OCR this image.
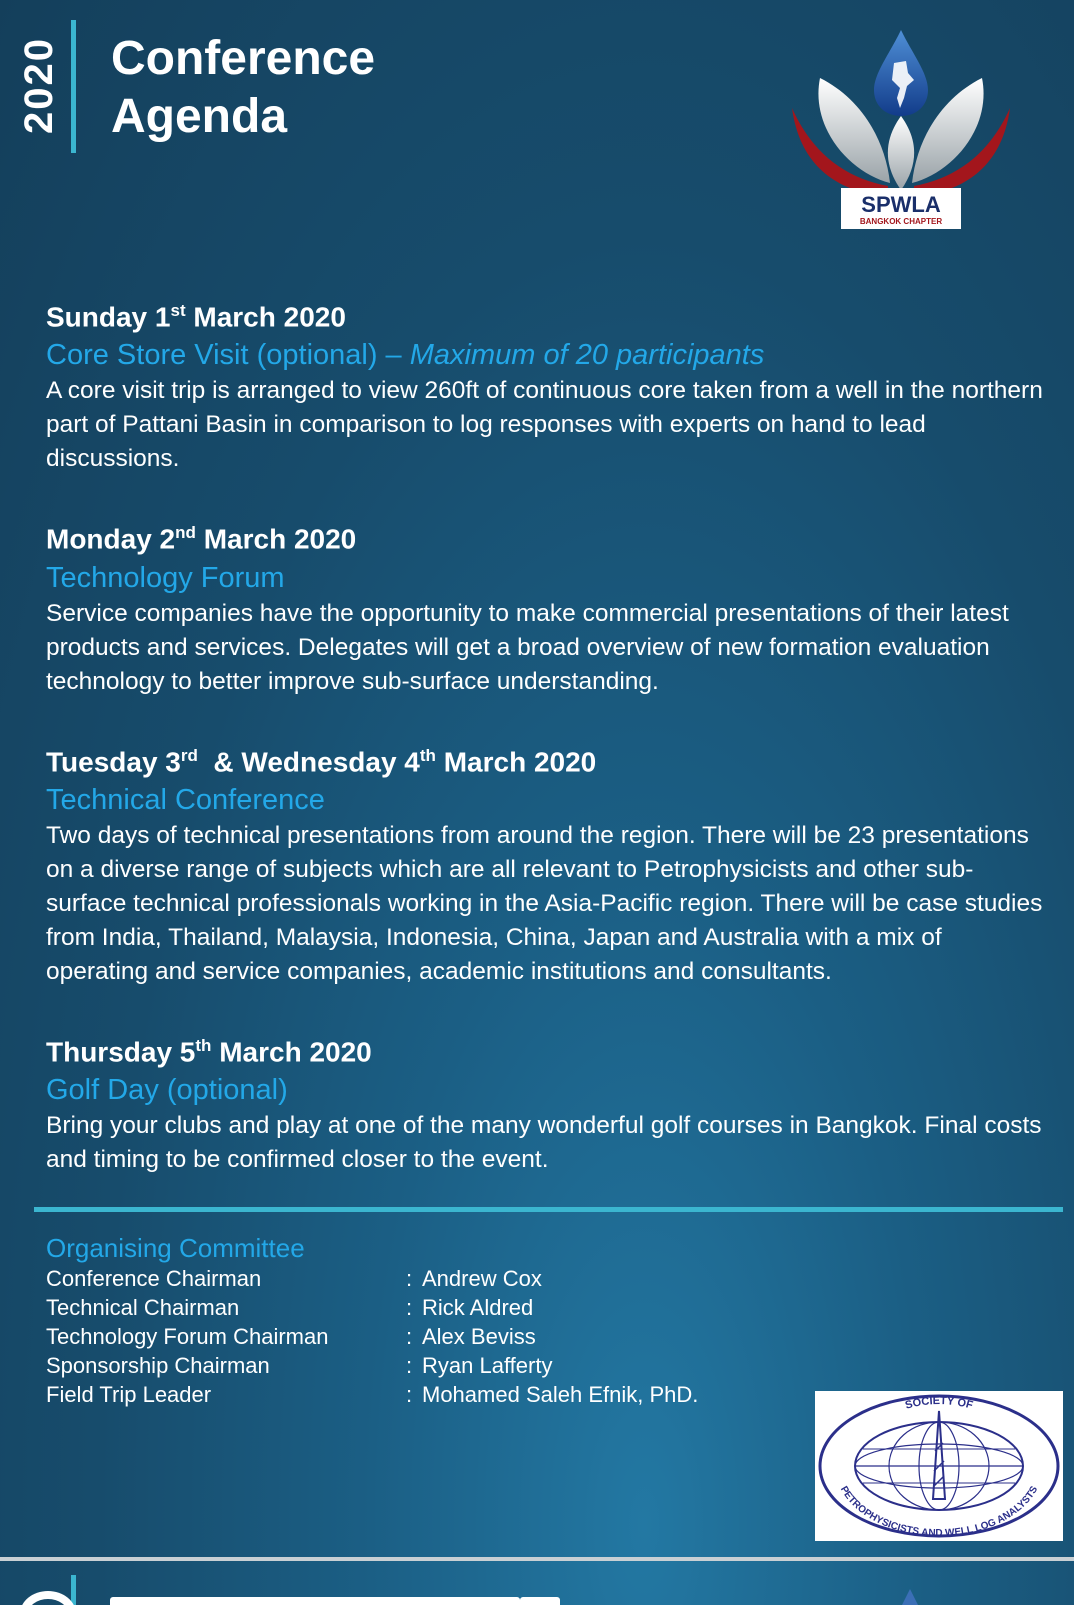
2020 Conference
Agenda
SPWLA
BANGKOK CHAPTER
Sunday 1st March 2020
Core Store Visit (optional) – Maximum of 20 participants
A core visit trip is arranged to view 260ft of continuous core taken from a well in the northern part of Pattani Basin in comparison to log responses with experts on hand to lead discussions.
Monday 2nd March 2020
Technology Forum
Service companies have the opportunity to make commercial presentations of their latest products and services. Delegates will get a broad overview of new formation evaluation technology to better improve sub-surface understanding.
Tuesday 3rd  & Wednesday 4th March 2020
Technical Conference
Two days of technical presentations from around the region. There will be 23 presentations on a diverse range of subjects which are all relevant to Petrophysicists and other sub-surface technical professionals working in the Asia-Pacific region. There will be case studies from India, Thailand, Malaysia, Indonesia, China, Japan and Australia with a mix of operating and service companies, academic institutions and consultants.
Thursday 5th March 2020
Golf Day (optional)
Bring your clubs and play at one of the many wonderful golf courses in Bangkok. Final costs and timing to be confirmed closer to the event.
Organising Committee
Conference Chairman	: Andrew Cox
Technical Chairman	: Rick Aldred
Technology Forum Chairman	: Alex Beviss
Sponsorship Chairman	: Ryan Lafferty
Field Trip Leader	: Mohamed Saleh Efnik, PhD.	SOCIETY OF
PETROPHYSICISTS AND WELL LOG ANALYSTS
